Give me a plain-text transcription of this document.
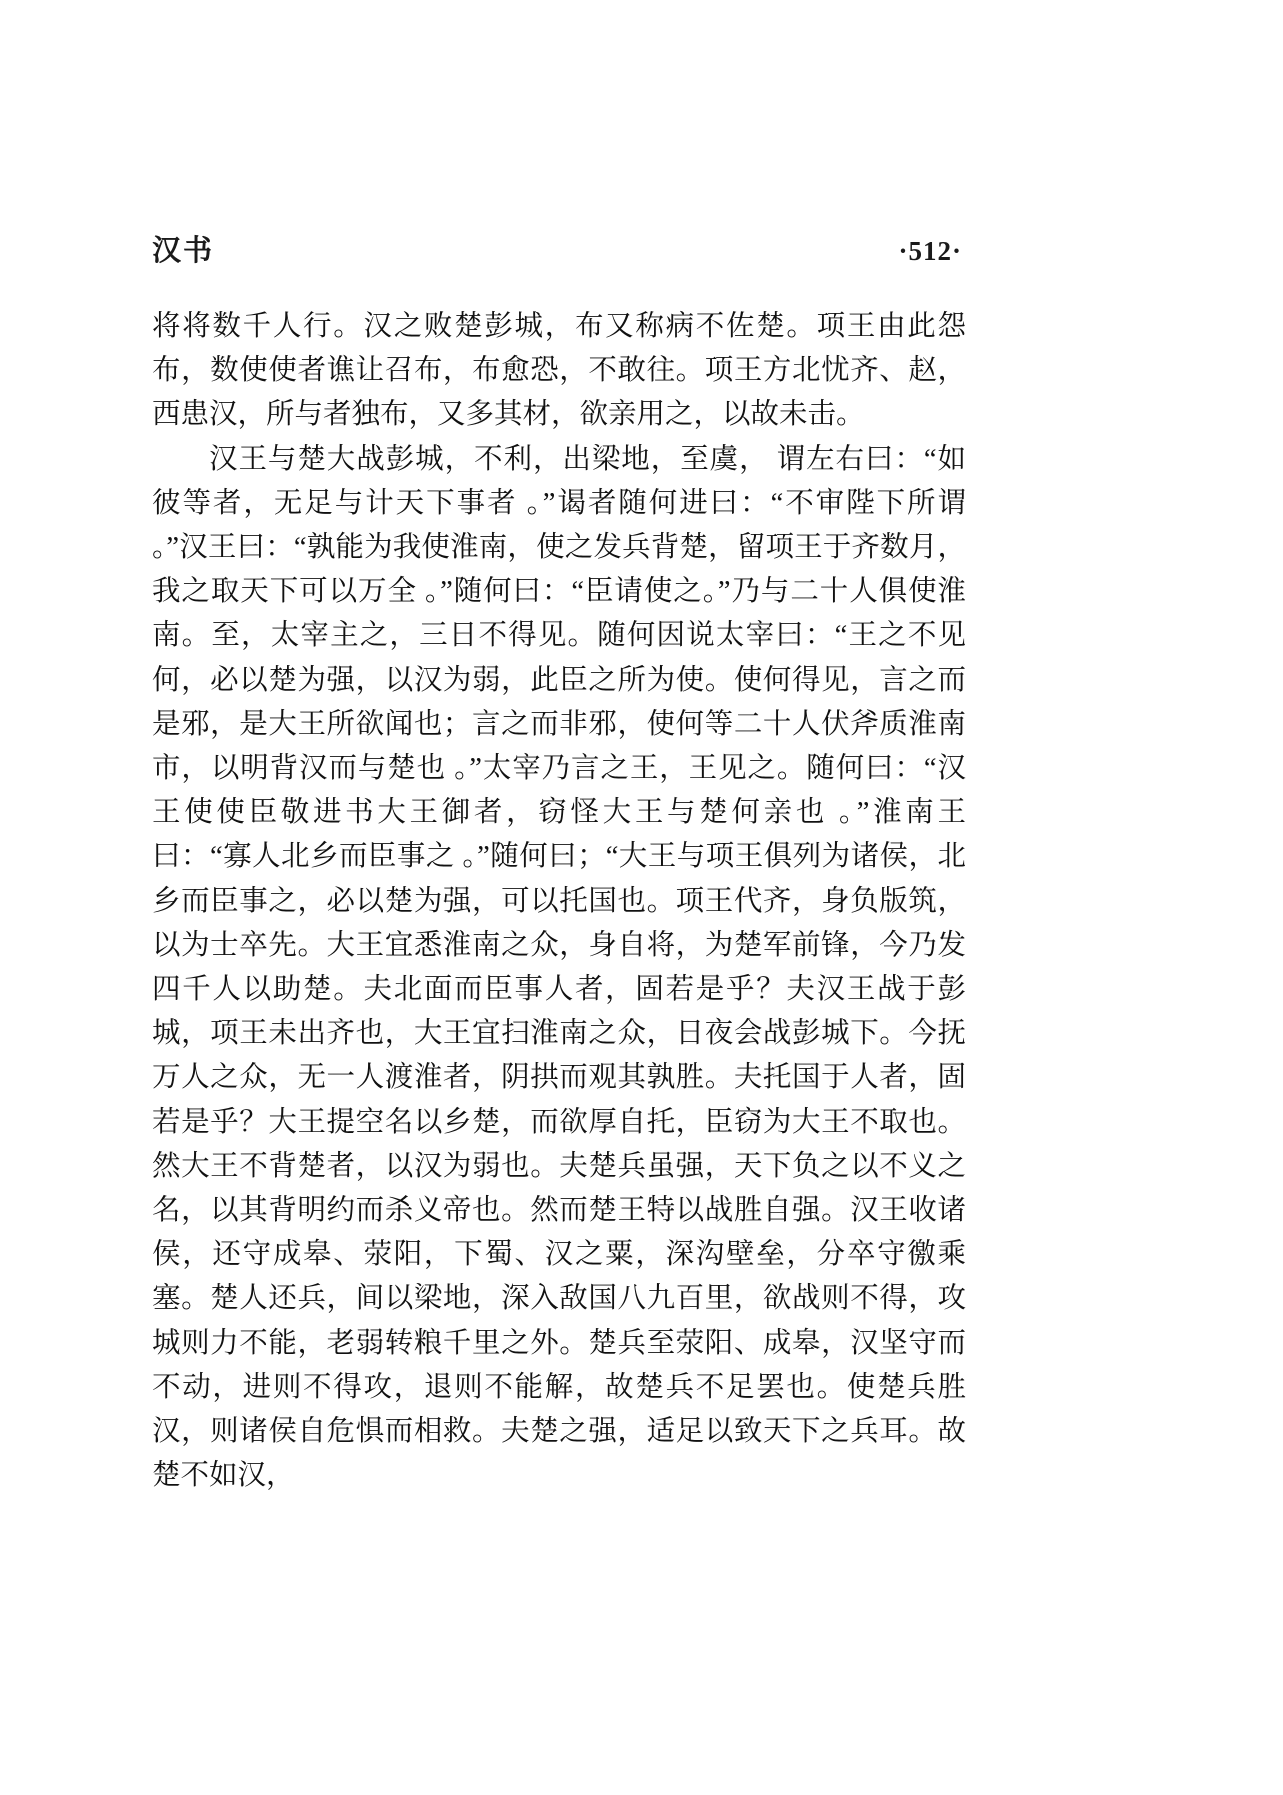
汉书	·512·

将将数千人行。汉之败楚彭城，布又称病不佐楚。项王由此怨布，数使使者谯让召布，布愈恐，不敢往。项王方北忧齐、赵，西患汉，所与者独布，又多其材，欲亲用之，以故未击。

汉王与楚大战彭城，不利，出梁地，至虞， 谓左右曰：“如彼等者，无足与计天下事者 。”谒者随何进曰：“不审陛下所谓 。”汉王曰：“孰能为我使淮南，使之发兵背楚，留项王于齐数月，我之取天下可以万全 。”随何曰：“臣请使之。”乃与二十人俱使淮南。至，太宰主之，三日不得见。随何因说太宰曰：“王之不见何，必以楚为强，以汉为弱，此臣之所为使。使何得见，言之而是邪，是大王所欲闻也；言之而非邪，使何等二十人伏斧质淮南市，以明背汉而与楚也 。”太宰乃言之王，王见之。随何曰：“汉王使使臣敬进书大王御者，窃怪大王与楚何亲也 。”淮南王曰：“寡人北乡而臣事之 。”随何曰；“大王与项王俱列为诸侯，北乡而臣事之，必以楚为强，可以托国也。项王代齐，身负版筑，以为士卒先。大王宜悉淮南之众，身自将，为楚军前锋，今乃发四千人以助楚。夫北面而臣事人者，固若是乎？夫汉王战于彭城，项王未出齐也，大王宜扫淮南之众，日夜会战彭城下。今抚万人之众，无一人渡淮者，阴拱而观其孰胜。夫托国于人者，固若是乎？大王提空名以乡楚，而欲厚自托，臣窃为大王不取也。然大王不背楚者，以汉为弱也。夫楚兵虽强，天下负之以不义之名，以其背明约而杀义帝也。然而楚王特以战胜自强。汉王收诸侯，还守成皋、荥阳，下蜀、汉之粟，深沟壁垒，分卒守徼乘塞。楚人还兵，间以梁地，深入敌国八九百里，欲战则不得，攻城则力不能，老弱转粮千里之外。楚兵至荥阳、成皋，汉坚守而不动，进则不得攻，退则不能解，故楚兵不足罢也。使楚兵胜汉，则诸侯自危惧而相救。夫楚之强，适足以致天下之兵耳。故楚不如汉，
